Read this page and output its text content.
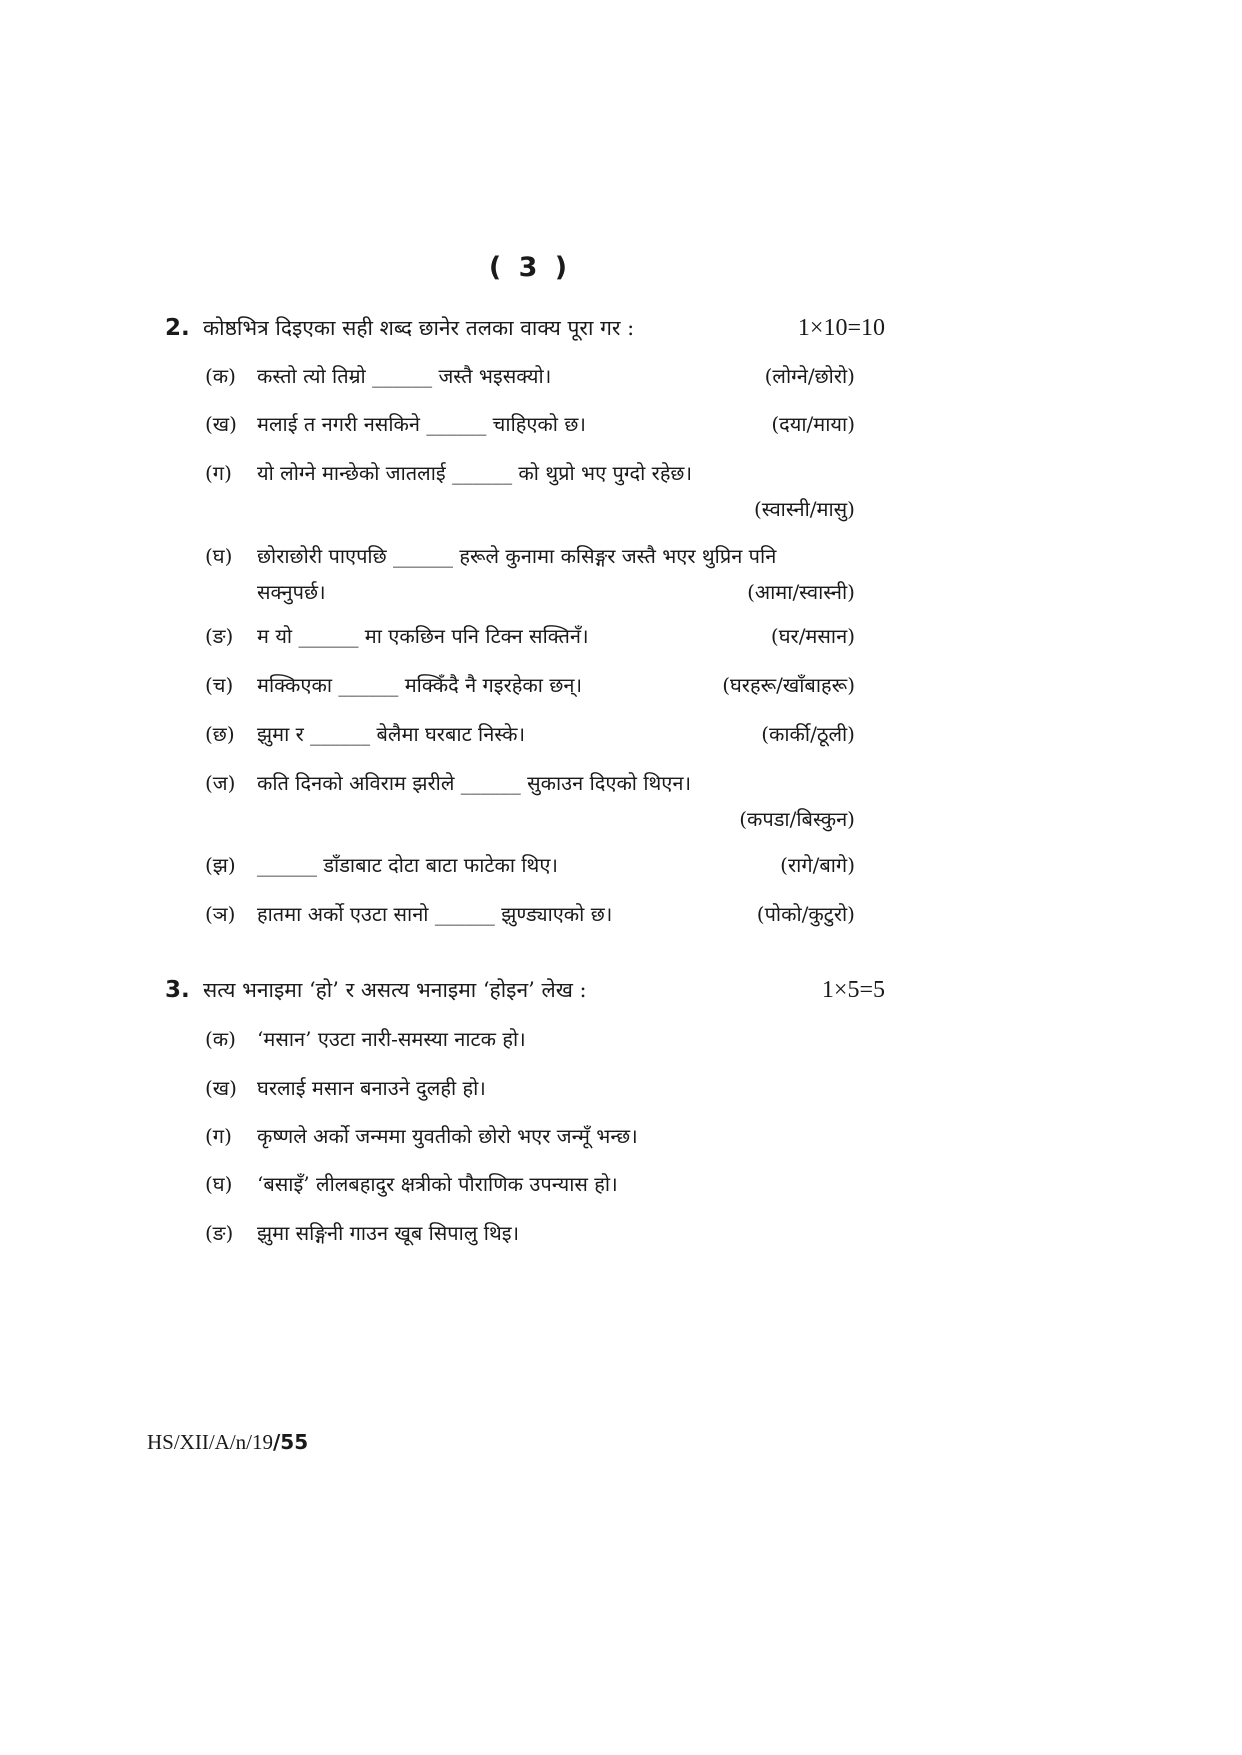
( 3 )
2. कोष्ठभित्र दिइएका सही शब्द छानेर तलका वाक्य पूरा गर :	1×10=10
(क) कस्तो त्यो तिम्रो ______ जस्तै भइसक्यो।	(लोग्ने/छोरो)
(ख) मलाई त नगरी नसकिने ______ चाहिएको छ।	(दया/माया)
(ग) यो लोग्ने मान्छेको जातलाई ______ को थुप्रो भए पुग्दो रहेछ।
(स्वास्नी/मासु)
(घ) छोराछोरी पाएपछि ______ हरूले कुनामा कसिङ्गर जस्तै भएर थुप्रिन पनि
(आमा/स्वास्नी)
सक्नुपर्छ।
(ङ) म यो ______ मा एकछिन पनि टिक्न सक्तिनँ।	(घर/मसान)
(च) मक्किएका ______ मक्किँदै नै गइरहेका छन्।	(घरहरू/खाँबाहरू)
(छ) झुमा र ______ बेलैमा घरबाट निस्के।	(कार्की/ठूली)
(ज) कति दिनको अविराम झरीले ______ सुकाउन दिएको थिएन।
(कपडा/बिस्कुन)
(झ) ______ डाँडाबाट दोटा बाटा फाटेका थिए।	(रागे/बागे)
(ञ) हातमा अर्को एउटा सानो ______ झुण्ड्याएको छ।	(पोको/कुटुरो)
3. सत्य भनाइमा ‘हो’ र असत्य भनाइमा ‘होइन’ लेख :	1×5=5
(क) ‘मसान’ एउटा नारी-समस्या नाटक हो।
(ख) घरलाई मसान बनाउने दुलही हो।
(ग) कृष्णले अर्को जन्ममा युवतीको छोरो भएर जन्मूँ भन्छ।
(घ) ‘बसाइँ’ लीलबहादुर क्षत्रीको पौराणिक उपन्यास हो।
(ङ) झुमा सङ्गिनी गाउन खूब सिपालु थिइ।
HS/XII/A/n/19/55
